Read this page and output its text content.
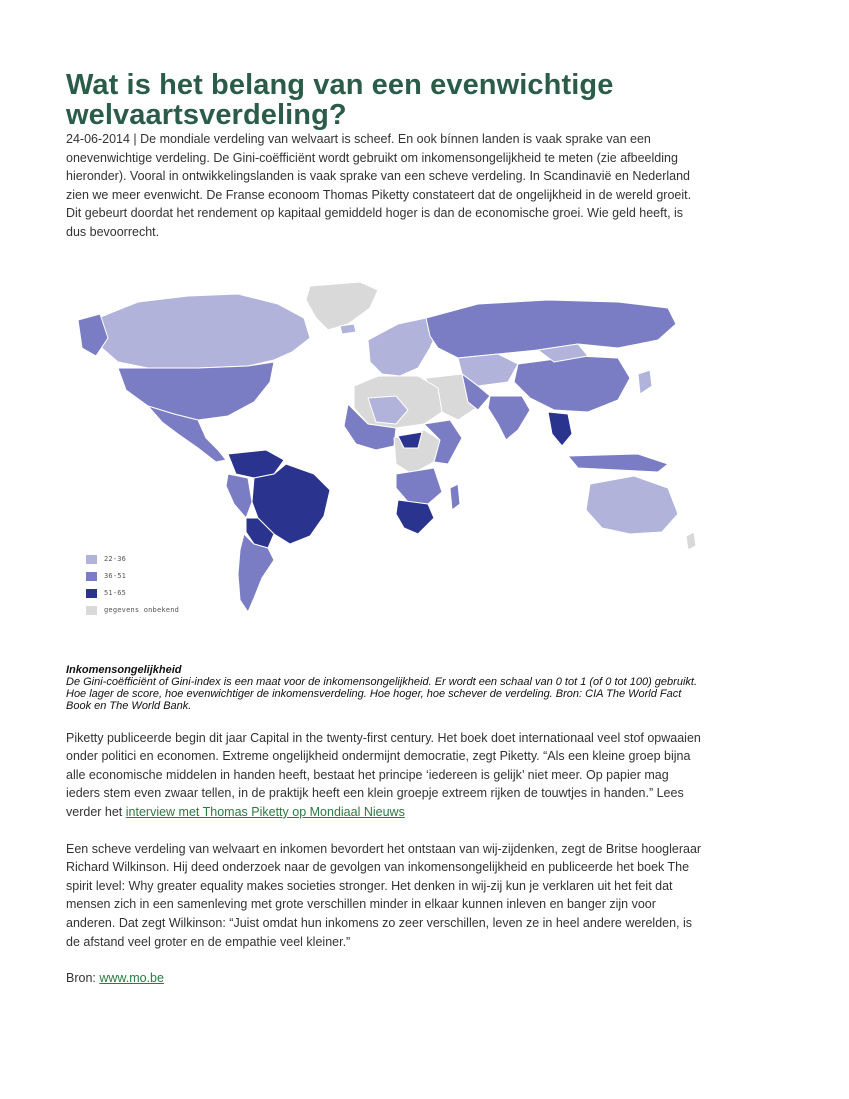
Wat is het belang van een evenwichtige welvaartsverdeling?

24-06-2014 | De mondiale verdeling van welvaart is scheef. En ook bínnen landen is vaak sprake van een onevenwichtige verdeling. De Gini-coëfficiënt wordt gebruikt om inkomensongelijkheid te meten (zie afbeelding hieronder). Vooral in ontwikkelingslanden is vaak sprake van een scheve verdeling. In Scandinavië en Nederland zien we meer evenwicht. De Franse econoom Thomas Piketty constateert dat de ongelijkheid in de wereld groeit. Dit gebeurt doordat het rendement op kapitaal gemiddeld hoger is dan de economische groei. Wie geld heeft, is dus bevoorrecht.

22-36
36-51
51-65
gegevens onbekend
Inkomensongelijkheid

De Gini-coëfficiënt of Gini-index is een maat voor de inkomensongelijkheid. Er wordt een schaal van 0 tot 1 (of 0 tot 100) gebruikt. Hoe lager de score, hoe evenwichtiger de inkomensverdeling. Hoe hoger, hoe schever de verdeling. Bron: CIA The World Fact Book en The World Bank.

Piketty publiceerde begin dit jaar Capital in the twenty-first century. Het boek doet internationaal veel stof opwaaien onder politici en economen. Extreme ongelijkheid ondermijnt democratie, zegt Piketty. “Als een kleine groep bijna alle economische middelen in handen heeft, bestaat het principe ‘iedereen is gelijk’ niet meer. Op papier mag ieders stem even zwaar tellen, in de praktijk heeft een klein groepje extreem rijken de touwtjes in handen.” Lees verder het interview met Thomas Piketty op Mondiaal Nieuws

Een scheve verdeling van welvaart en inkomen bevordert het ontstaan van wij-zijdenken, zegt de Britse hoogleraar Richard Wilkinson. Hij deed onderzoek naar de gevolgen van inkomensongelijkheid en publiceerde het boek The spirit level: Why greater equality makes societies stronger. Het denken in wij-zij kun je verklaren uit het feit dat mensen zich in een samenleving met grote verschillen minder in elkaar kunnen inleven en banger zijn voor anderen. Dat zegt Wilkinson: “Juist omdat hun inkomens zo zeer verschillen, leven ze in heel andere werelden, is de afstand veel groter en de empathie veel kleiner.”

Bron: www.mo.be
